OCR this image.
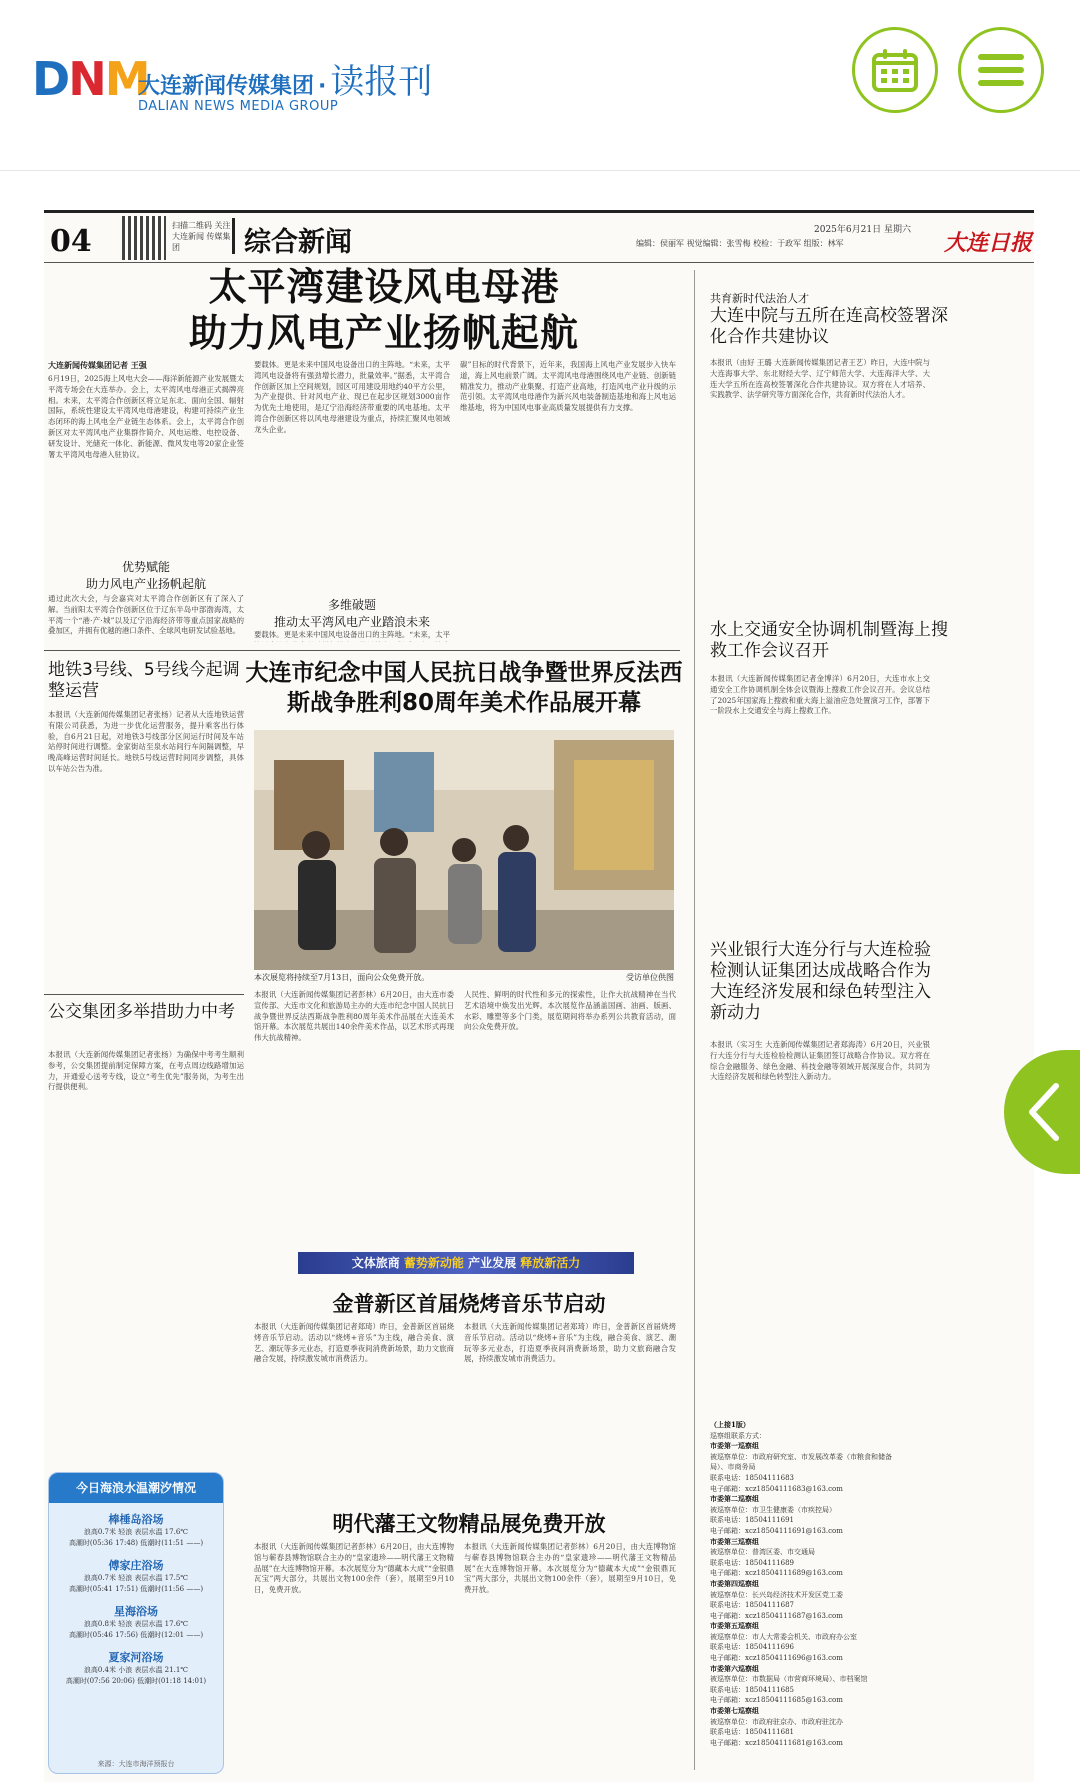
DNM
大连新闻传媒集团 · 读报刊
DALIAN NEWS MEDIA GROUP
04	扫描二维码 关注大连新闻 传媒集团	综合新闻	2025年6月21日 星期六
编辑：侯丽军 视觉编辑：张雪梅 校检：于政军 组版：林军	大连日报
太平湾建设风电母港
助力风电产业扬帆起航
大连新闻传媒集团记者 王强
6月19日，2025海上风电大会——海洋新能源产业发展暨太平湾专场会在大连举办。会上，太平湾风电母港正式揭牌亮相。未来，太平湾合作创新区将立足东北、面向全国、辐射国际，系统性建设太平湾风电母港建设，构建可持续产业生态闭环的海上风电全产业链生态体系。会上，太平湾合作创新区对太平湾风电产业集群作简介、风电运维、电控设备、研发设计、光储充一体化、新能源、微风发电等20家企业签署太平湾风电母港入驻协议。
优势赋能
助力风电产业扬帆起航
通过此次大会，与会嘉宾对太平湾合作创新区有了深入了解。当前阳太平湾合作创新区位于辽东半岛中部渤海湾，太平湾一个“港·产·城”以及辽宁沿海经济带等重点国家战略的叠加区，并拥有优越的港口条件、全球风电研发试验基地。
要载体。更是未来中国风电设备出口的主阵地。“未来，太平湾风电设备将有强劲增长潜力，批量效率。”据悉，太平湾合作创新区加上空间规划，园区可用建设用地约40平方公里，为产业提供、针对风电产业、现已在起步区规划3000亩作为优先土地使用，是辽宁沿海经济带重要的风电基地。太平湾合作创新区将以风电母港建设为重点，持续汇聚风电领域龙头企业。
多维破题
推动太平湾风电产业踏浪未来
要载体。更是未来中国风电设备出口的主阵地。“未来，太平
碳”目标的时代背景下，近年来，我国海上风电产业发展步入快车道，海上风电前景广阔。太平湾风电母港围绕风电产业链、创新链精准发力，推动产业集聚、打造产业高地，打造风电产业升级的示范引领。太平湾风电母港作为新兴风电装备制造基地和海上风电运维基地，将为中国风电事业高质量发展提供有力支撑。
地铁3号线、5号线今起调整运营
本报讯（大连新闻传媒集团记者张杨）记者从大连地铁运营有限公司获悉，为进一步优化运营服务，提升乘客出行体验，自6月21日起，对地铁3号线部分区间运行时间及车站站停时间进行调整。金家街站至泉水站间行车间隔调整，早晚高峰运营时间延长。地铁5号线运营时间同步调整，具体以车站公告为准。
公交集团多举措助力中考
本报讯（大连新闻传媒集团记者张杨）为确保中考考生顺利参考，公交集团提前制定保障方案，在考点周边线路增加运力，开通爱心送考专线，设立“考生优先”服务岗，为考生出行提供便利。
今日海浪水温潮汐情况
棒棰岛浴场
浪高0.7米 轻浪 表层水温 17.6℃
高潮时(05:36 17:48) 低潮时(11:51 ——)
傅家庄浴场
浪高0.7米 轻浪 表层水温 17.5℃
高潮时(05:41 17:51) 低潮时(11:56 ——)
星海浴场
浪高0.8米 轻浪 表层水温 17.6℃
高潮时(05:46 17:56) 低潮时(12:01 ——)
夏家河浴场
浪高0.4米 小浪 表层水温 21.1℃
高潮时(07:56 20:06) 低潮时(01:18 14:01)
来源：大连市海洋预报台
大连市纪念中国人民抗日战争暨世界反法西斯战争胜利80周年美术作品展开幕
本次展览将持续至7月13日，面向公众免费开放。	受访单位供图
本报讯（大连新闻传媒集团记者彭林）6月20日，由大连市委宣传部、大连市文化和旅游局主办的大连市纪念中国人民抗日战争暨世界反法西斯战争胜利80周年美术作品展在大连美术馆开幕。本次展览共展出140余件美术作品，以艺术形式再现伟大抗战精神。
人民性、鲜明的时代性和多元的探索性，让作大抗战精神在当代艺术语境中焕发出光辉。本次展览作品涵盖国画、油画、版画、水彩、雕塑等多个门类，展览期间将举办系列公共教育活动，面向公众免费开放。
文体旅商 蓄势新动能 产业发展 释放新活力
金普新区首届烧烤音乐节启动
本报讯（大连新闻传媒集团记者郑琦）昨日，金普新区首届烧烤音乐节启动。活动以“烧烤+音乐”为主线，融合美食、演艺、潮玩等多元业态，打造夏季夜间消费新场景，助力文旅商融合发展，持续激发城市消费活力。
本报讯（大连新闻传媒集团记者郑琦）昨日，金普新区首届烧烤音乐节启动。活动以“烧烤+音乐”为主线，融合美食、演艺、潮玩等多元业态，打造夏季夜间消费新场景，助力文旅商融合发展，持续激发城市消费活力。
明代藩王文物精品展免费开放
本报讯（大连新闻传媒集团记者彭林）6月20日，由大连博物馆与蕲春县博物馆联合主办的“皇家遗珍——明代藩王文物精品展”在大连博物馆开幕。本次展览分为“德藏本大成”“金银鼎瓦宝”两大部分，共展出文物100余件（套），展期至9月10日，免费开放。
本报讯（大连新闻传媒集团记者彭林）6月20日，由大连博物馆与蕲春县博物馆联合主办的“皇家遗珍——明代藩王文物精品展”在大连博物馆开幕。本次展览分为“德藏本大成”“金银鼎瓦宝”两大部分，共展出文物100余件（套），展期至9月10日，免费开放。
共育新时代法治人才
大连中院与五所在连高校签署深化合作共建协议
本报讯（由好 王璐 大连新闻传媒集团记者王艺）昨日，大连中院与大连海事大学、东北财经大学、辽宁师范大学、大连海洋大学、大连大学五所在连高校签署深化合作共建协议。双方将在人才培养、实践教学、法学研究等方面深化合作，共育新时代法治人才。
水上交通安全协调机制暨海上搜救工作会议召开
本报讯（大连新闻传媒集团记者金博洋）6月20日，大连市水上交通安全工作协调机制全体会议暨海上搜救工作会议召开。会议总结了2025年国家海上搜救和重大海上溢油应急处置演习工作，部署下一阶段水上交通安全与海上搜救工作。
兴业银行大连分行与大连检验检测认证集团达成战略合作为大连经济发展和绿色转型注入新动力
本报讯（实习生 大连新闻传媒集团记者郑海涛）6月20日，兴业银行大连分行与大连检验检测认证集团签订战略合作协议。双方将在综合金融服务、绿色金融、科技金融等领域开展深度合作，共同为大连经济发展和绿色转型注入新动力。
（上接1版）
巡察组联系方式：
市委第一巡察组
被巡察单位：市政府研究室、市发展改革委（市粮食和储备局）、市商务局
联系电话：18504111683
电子邮箱：xcz18504111683@163.com
市委第二巡察组
被巡察单位：市卫生健康委（市疾控局）
联系电话：18504111691
电子邮箱：xcz18504111691@163.com
市委第三巡察组
被巡察单位：普湾区委、市交通局
联系电话：18504111689
电子邮箱：xcz18504111689@163.com
市委第四巡察组
被巡察单位：长兴岛经济技术开发区党工委
联系电话：18504111687
电子邮箱：xcz18504111687@163.com
市委第五巡察组
被巡察单位：市人大常委会机关、市政府办公室
联系电话：18504111696
电子邮箱：xcz18504111696@163.com
市委第六巡察组
被巡察单位：市数据局（市营商环境局）、市档案馆
联系电话：18504111685
电子邮箱：xcz18504111685@163.com
市委第七巡察组
被巡察单位：市政府驻京办、市政府驻沈办
联系电话：18504111681
电子邮箱：xcz18504111681@163.com
